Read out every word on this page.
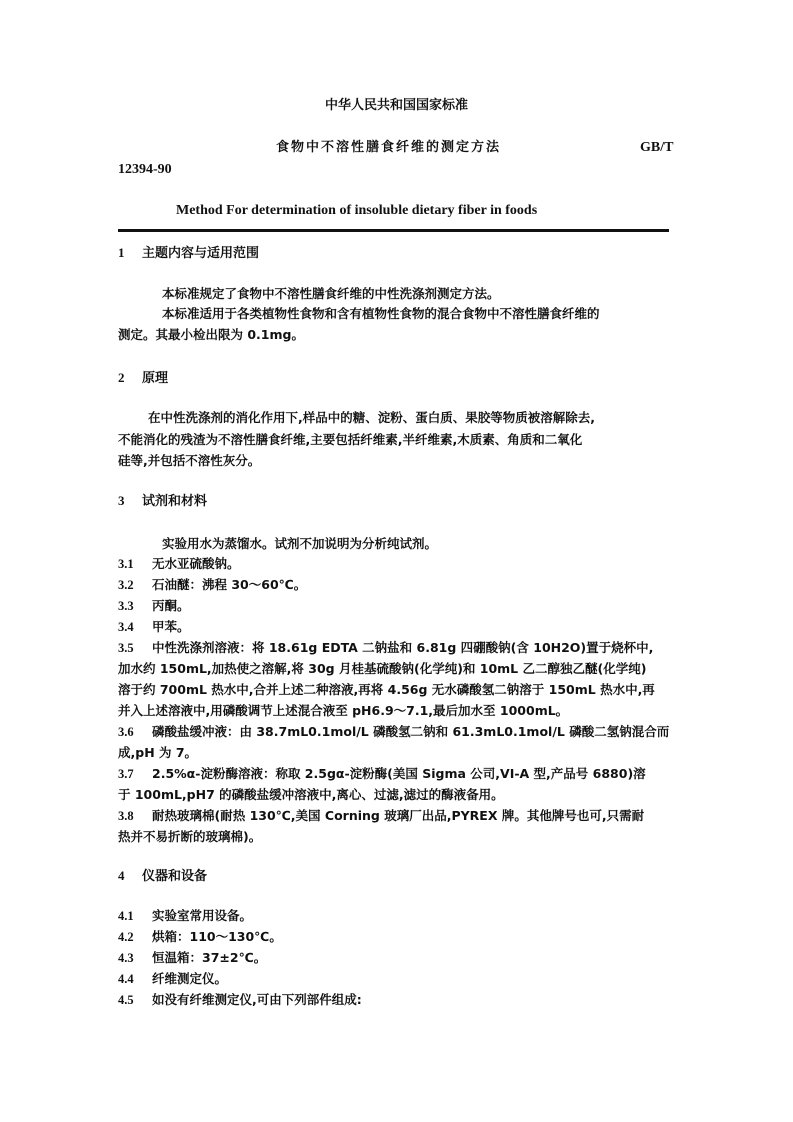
中华人民共和国国家标准
食物中不溶性膳食纤维的测定方法	GB/T
12394-90
Method For determination of insoluble dietary fiber in foods
1 主题内容与适用范围
本标准规定了食物中不溶性膳食纤维的中性洗涤剂测定方法。
本标准适用于各类植物性食物和含有植物性食物的混合食物中不溶性膳食纤维的
测定。其最小检出限为 0.1mg。
2 原理
在中性洗涤剂的消化作用下,样品中的糖、淀粉、蛋白质、果胶等物质被溶解除去,
不能消化的残渣为不溶性膳食纤维,主要包括纤维素,半纤维素,木质素、角质和二氧化
硅等,并包括不溶性灰分。
3 试剂和材料
实验用水为蒸馏水。试剂不加说明为分析纯试剂。
3.1 无水亚硫酸钠。
3.2 石油醚：沸程 30～60℃。
3.3 丙酮。
3.4 甲苯。
3.5 中性洗涤剂溶液：将 18.61g EDTA 二钠盐和 6.81g 四硼酸钠(含 10H2O)置于烧杯中,
加水约 150mL,加热使之溶解,将 30g 月桂基硫酸钠(化学纯)和 10mL 乙二醇独乙醚(化学纯)
溶于约 700mL 热水中,合并上述二种溶液,再将 4.56g 无水磷酸氢二钠溶于 150mL 热水中,再
并入上述溶液中,用磷酸调节上述混合液至 pH6.9～7.1,最后加水至 1000mL。
3.6 磷酸盐缓冲液：由 38.7mL0.1mol/L 磷酸氢二钠和 61.3mL0.1mol/L 磷酸二氢钠混合而
成,pH 为 7。
3.7 2.5%α-淀粉酶溶液：称取 2.5gα-淀粉酶(美国 Sigma 公司,VI-A 型,产品号 6880)溶
于 100mL,pH7 的磷酸盐缓冲溶液中,离心、过滤,滤过的酶液备用。
3.8 耐热玻璃棉(耐热 130℃,美国 Corning 玻璃厂出品,PYREX 牌。其他牌号也可,只需耐
热并不易折断的玻璃棉)。
4 仪器和设备
4.1 实验室常用设备。
4.2 烘箱：110～130℃。
4.3 恒温箱：37±2℃。
4.4 纤维测定仪。
4.5 如没有纤维测定仪,可由下列部件组成:
